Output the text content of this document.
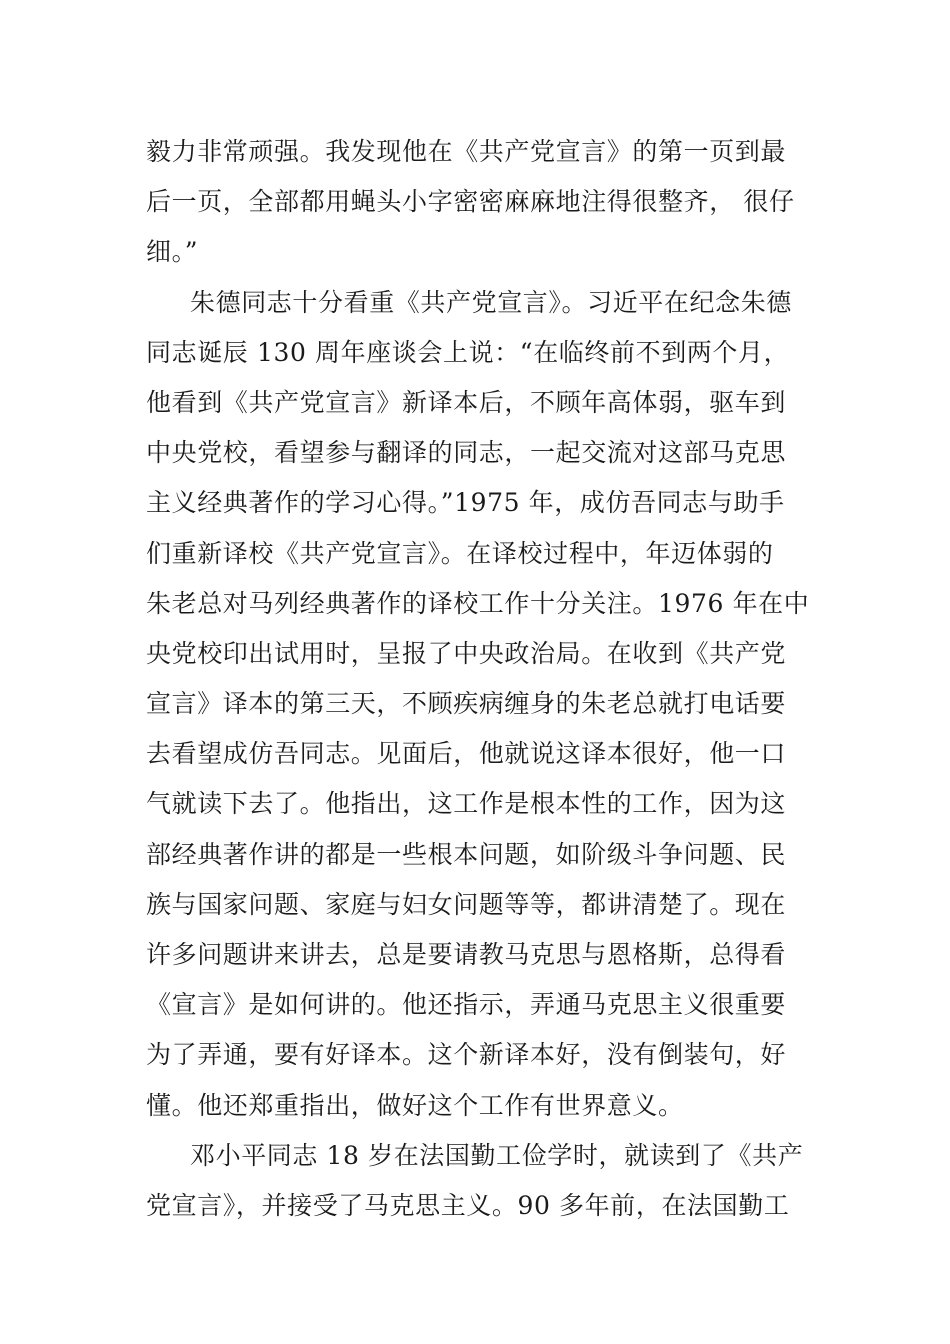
毅力非常顽强。我发现他在《共产党宣言》的第一页到最
后一页，全部都用蝇头小字密密麻麻地注得很整齐， 很仔
细。”
朱德同志十分看重《共产党宣言》。习近平在纪念朱德
同志诞辰 130 周年座谈会上说：“在临终前不到两个月，
他看到《共产党宣言》新译本后，不顾年高体弱，驱车到
中央党校，看望参与翻译的同志，一起交流对这部马克思
主义经典著作的学习心得。”1975 年，成仿吾同志与助手
们重新译校《共产党宣言》。在译校过程中，年迈体弱的
朱老总对马列经典著作的译校工作十分关注。1976 年在中
央党校印出试用时，呈报了中央政治局。在收到《共产党
宣言》译本的第三天，不顾疾病缠身的朱老总就打电话要
去看望成仿吾同志。见面后，他就说这译本很好，他一口
气就读下去了。他指出，这工作是根本性的工作，因为这
部经典著作讲的都是一些根本问题，如阶级斗争问题、民
族与国家问题、家庭与妇女问题等等，都讲清楚了。现在
许多问题讲来讲去，总是要请教马克思与恩格斯，总得看
《宣言》是如何讲的。他还指示，弄通马克思主义很重要
为了弄通，要有好译本。这个新译本好，没有倒装句，好
懂。他还郑重指出，做好这个工作有世界意义。
邓小平同志 18 岁在法国勤工俭学时，就读到了《共产
党宣言》，并接受了马克思主义。90 多年前，在法国勤工
